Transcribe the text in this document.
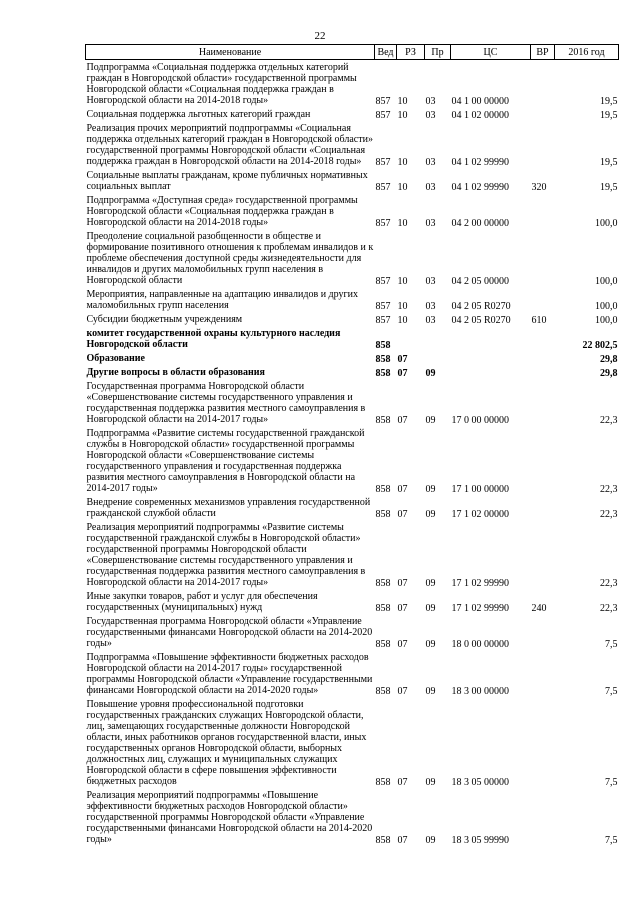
22
Наименование	Вед	РЗ	Пр	ЦС	ВР	2016 год
Подпрограмма «Социальная поддержка отдельных категорий граждан в Новгородской области» государственной программы Новгородской области «Социальная поддержка граждан в Новгородской области на 2014-2018 годы»	857	10	03	04 1 00 00000		19,5
Социальная поддержка льготных категорий граждан	857	10	03	04 1 02 00000		19,5
Реализация прочих мероприятий подпрограммы «Социальная поддержка отдельных категорий граждан в Новгородской области» государственной программы Новгородской области «Социальная поддержка граждан в Новгородской области на 2014-2018 годы»	857	10	03	04 1 02 99990		19,5
Социальные выплаты гражданам, кроме публичных нормативных социальных выплат	857	10	03	04 1 02 99990	320	19,5
Подпрограмма «Доступная среда» государственной программы Новгородской области «Социальная поддержка граждан в Новгородской области на 2014-2018 годы»	857	10	03	04 2 00 00000		100,0
Преодоление социальной разобщенности в обществе и формирование позитивного отношения к проблемам инвалидов и к проблеме обеспечения доступной среды жизнедеятельности для инвалидов и других маломобильных групп населения в Новгородской области	857	10	03	04 2 05 00000		100,0
Мероприятия, направленные на адаптацию инвалидов и других маломобильных групп населения	857	10	03	04 2 05 R0270		100,0
Субсидии бюджетным учреждениям	857	10	03	04 2 05 R0270	610	100,0
комитет государственной охраны культурного наследия Новгородской области	858					22 802,5
Образование	858	07				29,8
Другие вопросы в области образования	858	07	09			29,8
Государственная программа Новгородской области «Совершенствование системы государственного управления и государственная поддержка развития местного самоуправления в Новгородской области на 2014-2017 годы»	858	07	09	17 0 00 00000		22,3
Подпрограмма «Развитие системы государственной гражданской службы в Новгородской области» государственной программы Новгородской области «Совершенствование системы государственного управления и государственная поддержка развития местного самоуправления в Новгородской области на 2014-2017 годы»	858	07	09	17 1 00 00000		22,3
Внедрение современных механизмов управления государственной гражданской службой области	858	07	09	17 1 02 00000		22,3
Реализация мероприятий подпрограммы «Развитие системы государственной гражданской службы в Новгородской области» государственной программы Новгородской области «Совершенствование системы государственного управления и государственная поддержка развития местного самоуправления в Новгородской области на 2014-2017 годы»	858	07	09	17 1 02 99990		22,3
Иные закупки товаров, работ и услуг для обеспечения государственных (муниципальных) нужд	858	07	09	17 1 02 99990	240	22,3
Государственная программа Новгородской области «Управление государственными финансами Новгородской области на 2014-2020 годы»	858	07	09	18 0 00 00000		7,5
Подпрограмма «Повышение эффективности бюджетных расходов Новгородской области на 2014-2017 годы» государственной программы Новгородской области «Управление государственными финансами Новгородской области на 2014-2020 годы»	858	07	09	18 3 00 00000		7,5
Повышение уровня профессиональной подготовки государственных гражданских служащих Новгородской области, лиц, замещающих государственные должности Новгородской области, иных работников органов государственной власти, иных государственных органов Новгородской области, выборных должностных лиц, служащих и муниципальных служащих Новгородской области в сфере повышения эффективности бюджетных расходов	858	07	09	18 3 05 00000		7,5
Реализация мероприятий подпрограммы «Повышение эффективности бюджетных расходов Новгородской области» государственной программы Новгородской области «Управление государственными финансами Новгородской области на 2014-2020 годы»	858	07	09	18 3 05 99990		7,5
